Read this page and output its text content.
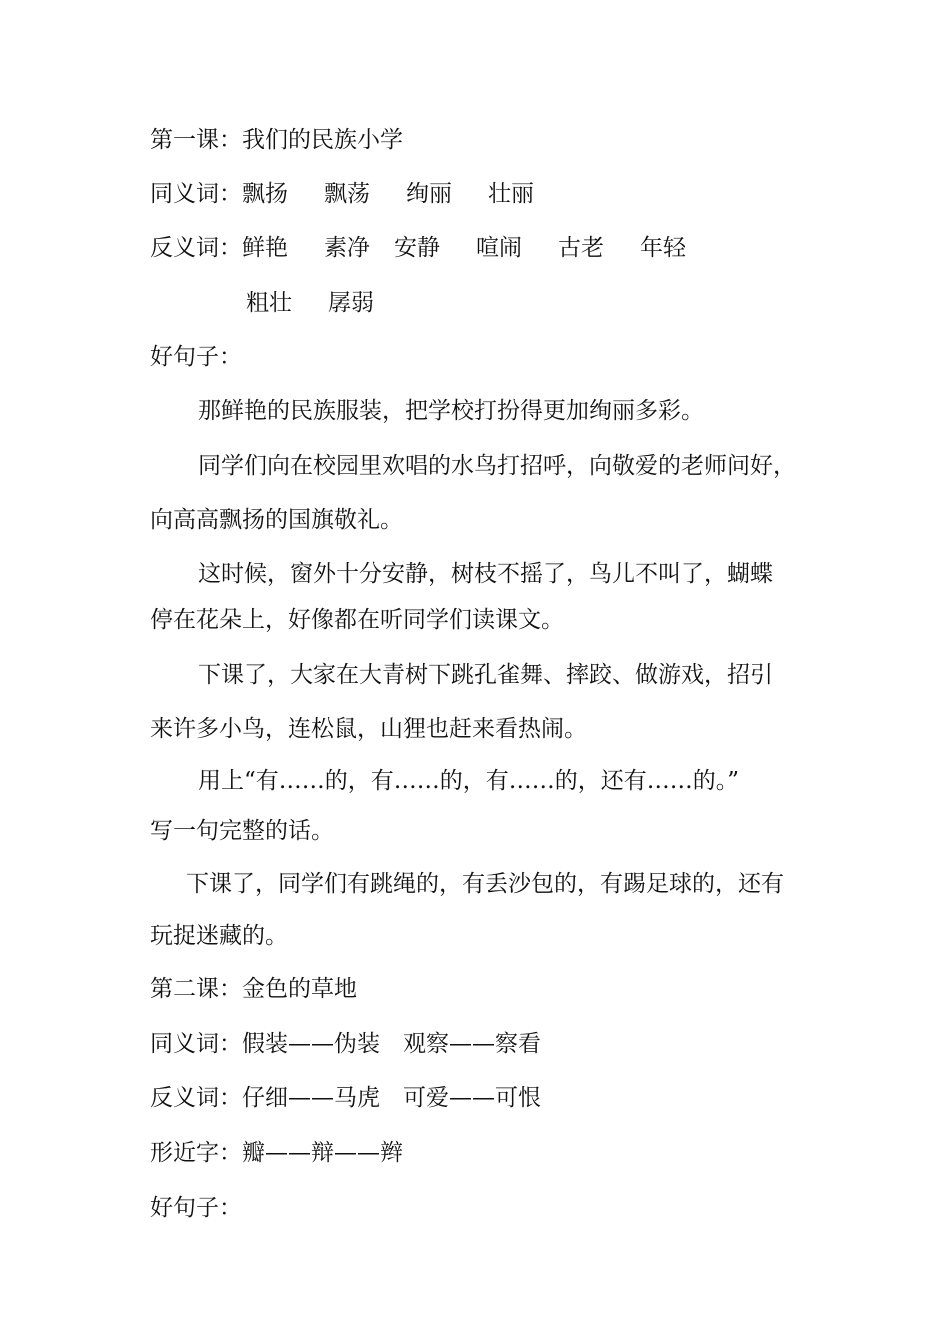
第一课：我们的民族小学
同义词：飘扬 飘荡 绚丽 壮丽
反义词：鲜艳 素净 安静 喧闹 古老 年轻
粗壮 孱弱
好句子：
那鲜艳的民族服装，把学校打扮得更加绚丽多彩。
同学们向在校园里欢唱的水鸟打招呼，向敬爱的老师问好，
向高高飘扬的国旗敬礼。
这时候，窗外十分安静，树枝不摇了，鸟儿不叫了，蝴蝶
停在花朵上，好像都在听同学们读课文。
下课了，大家在大青树下跳孔雀舞、摔跤、做游戏，招引
来许多小鸟，连松鼠，山狸也赶来看热闹。
用上“有……的，有……的，有……的，还有……的。”
写一句完整的话。
下课了，同学们有跳绳的，有丢沙包的，有踢足球的，还有
玩捉迷藏的。
第二课：金色的草地
同义词：假装——伪装　观察——察看
反义词：仔细——马虎　可爱——可恨
形近字：瓣——辩——辫
好句子：
